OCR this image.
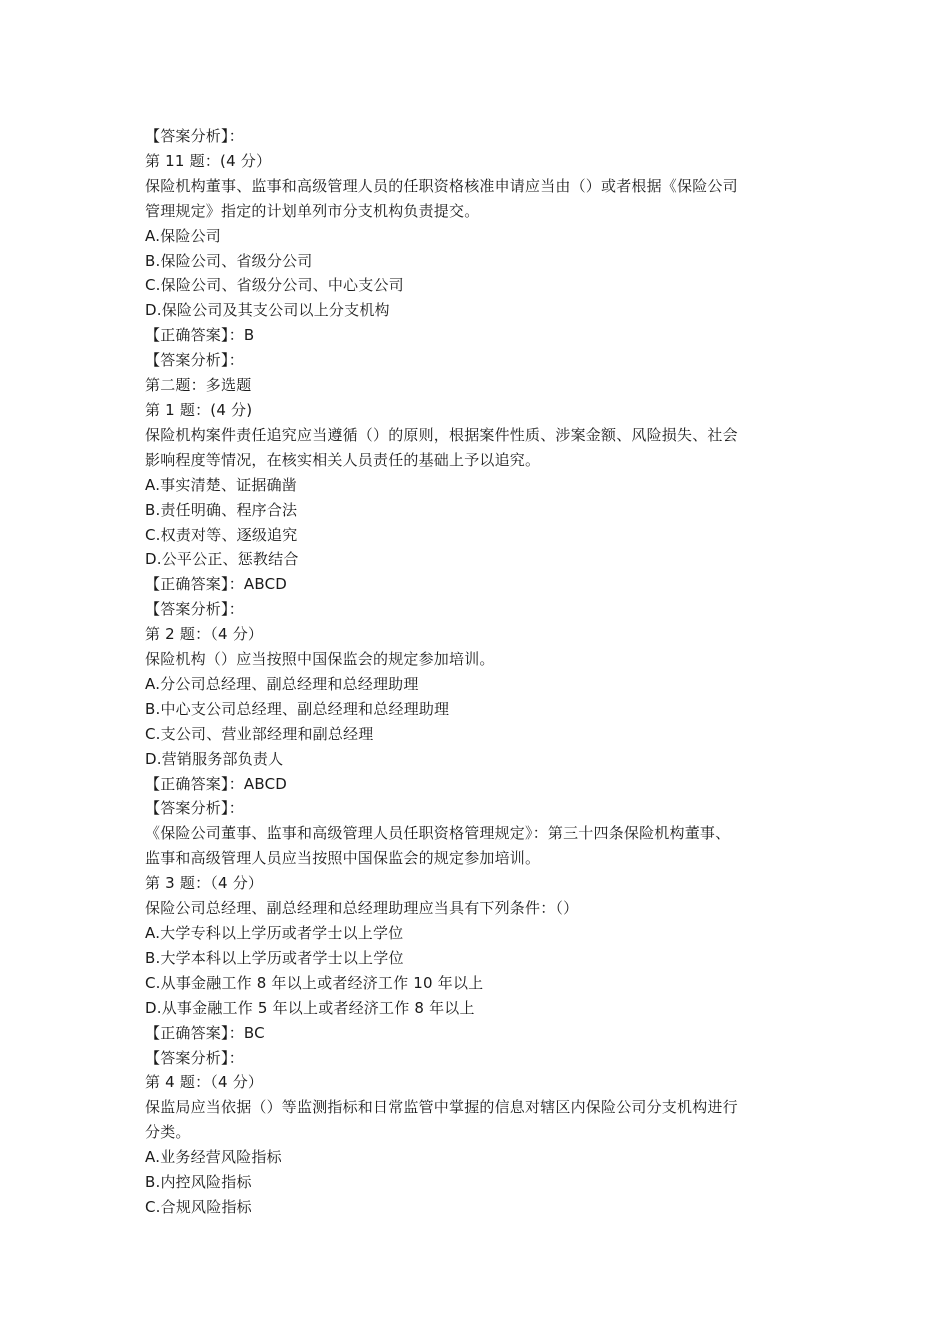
【答案分析】：
第 11 题：(4 分）
保险机构董事、监事和高级管理人员的任职资格核准申请应当由（）或者根据《保险公司
管理规定》指定的计划单列市分支机构负责提交。
A.保险公司
B.保险公司、省级分公司
C.保险公司、省级分公司、中心支公司
D.保险公司及其支公司以上分支机构
【正确答案】：B
【答案分析】：
第二题：多选题
第 1 题：(4 分)
保险机构案件责任追究应当遵循（）的原则，根据案件性质、涉案金额、风险损失、社会
影响程度等情况，在核实相关人员责任的基础上予以追究。
A.事实清楚、证据确凿
B.责任明确、程序合法
C.权责对等、逐级追究
D.公平公正、惩教结合
【正确答案】：ABCD
【答案分析】：
第 2 题：（4 分）
保险机构（）应当按照中国保监会的规定参加培训。
A.分公司总经理、副总经理和总经理助理
B.中心支公司总经理、副总经理和总经理助理
C.支公司、营业部经理和副总经理
D.营销服务部负责人
【正确答案】：ABCD
【答案分析】：
《保险公司董事、监事和高级管理人员任职资格管理规定》：第三十四条保险机构董事、
监事和高级管理人员应当按照中国保监会的规定参加培训。
第 3 题：（4 分）
保险公司总经理、副总经理和总经理助理应当具有下列条件：（）
A.大学专科以上学历或者学士以上学位
B.大学本科以上学历或者学士以上学位
C.从事金融工作 8 年以上或者经济工作 10 年以上
D.从事金融工作 5 年以上或者经济工作 8 年以上
【正确答案】：BC
【答案分析】：
第 4 题：（4 分）
保监局应当依据（）等监测指标和日常监管中掌握的信息对辖区内保险公司分支机构进行
分类。
A.业务经营风险指标
B.内控风险指标
C.合规风险指标
